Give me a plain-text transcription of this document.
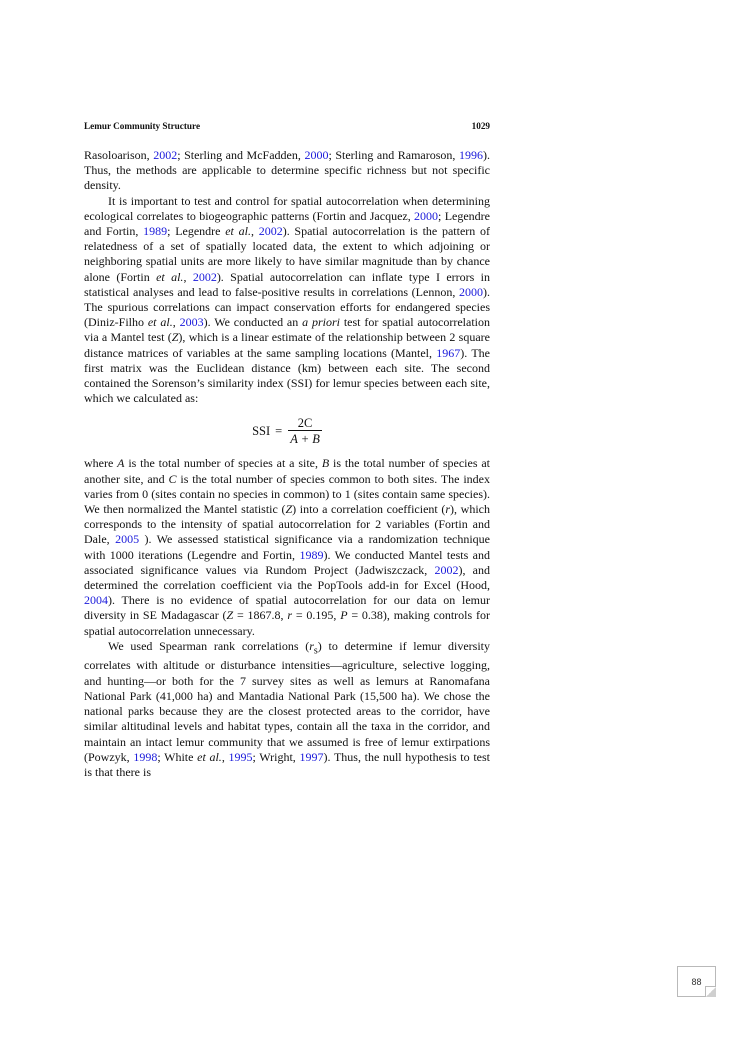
Lemur Community Structure	1029

Rasoloarison, 2002; Sterling and McFadden, 2000; Sterling and Ramaroson, 1996). Thus, the methods are applicable to determine specific richness but not specific density.

It is important to test and control for spatial autocorrelation when determining ecological correlates to biogeographic patterns (Fortin and Jacquez, 2000; Legendre and Fortin, 1989; Legendre et al., 2002). Spatial autocorrelation is the pattern of relatedness of a set of spatially located data, the extent to which adjoining or neighboring spatial units are more likely to have similar magnitude than by chance alone (Fortin et al., 2002). Spatial autocorrelation can inflate type I errors in statistical analyses and lead to false-positive results in correlations (Lennon, 2000). The spurious correlations can impact conservation efforts for endangered species (Diniz-Filho et al., 2003). We conducted an a priori test for spatial autocorrelation via a Mantel test (Z), which is a linear estimate of the relationship between 2 square distance matrices of variables at the same sampling locations (Mantel, 1967). The first matrix was the Euclidean distance (km) between each site. The second contained the Sorenson’s similarity index (SSI) for lemur species between each site, which we calculated as:

SSI = $\frac{2C}{A + B}$

where A is the total number of species at a site, B is the total number of species at another site, and C is the total number of species common to both sites. The index varies from 0 (sites contain no species in common) to 1 (sites contain same species). We then normalized the Mantel statistic (Z) into a correlation coefficient (r), which corresponds to the intensity of spatial autocorrelation for 2 variables (Fortin and Dale, 2005 ). We assessed statistical significance via a randomization technique with 1000 iterations (Legendre and Fortin, 1989). We conducted Mantel tests and associated significance values via Rundom Project (Jadwiszczack, 2002), and determined the correlation coefficient via the PopTools add-in for Excel (Hood, 2004). There is no evidence of spatial autocorrelation for our data on lemur diversity in SE Madagascar (Z = 1867.8, r = 0.195, P = 0.38), making controls for spatial autocorrelation unnecessary.

We used Spearman rank correlations $(r_s)$ to determine if lemur diversity correlates with altitude or disturbance intensities—agriculture, selective logging, and hunting—or both for the 7 survey sites as well as lemurs at Ranomafana National Park (41,000 ha) and Mantadia National Park (15,500 ha). We chose the national parks because they are the closest protected areas to the corridor, have similar altitudinal levels and habitat types, contain all the taxa in the corridor, and maintain an intact lemur community that we assumed is free of lemur extirpations (Powzyk, 1998; White et al., 1995; Wright, 1997). Thus, the null hypothesis to test is that there is

88
